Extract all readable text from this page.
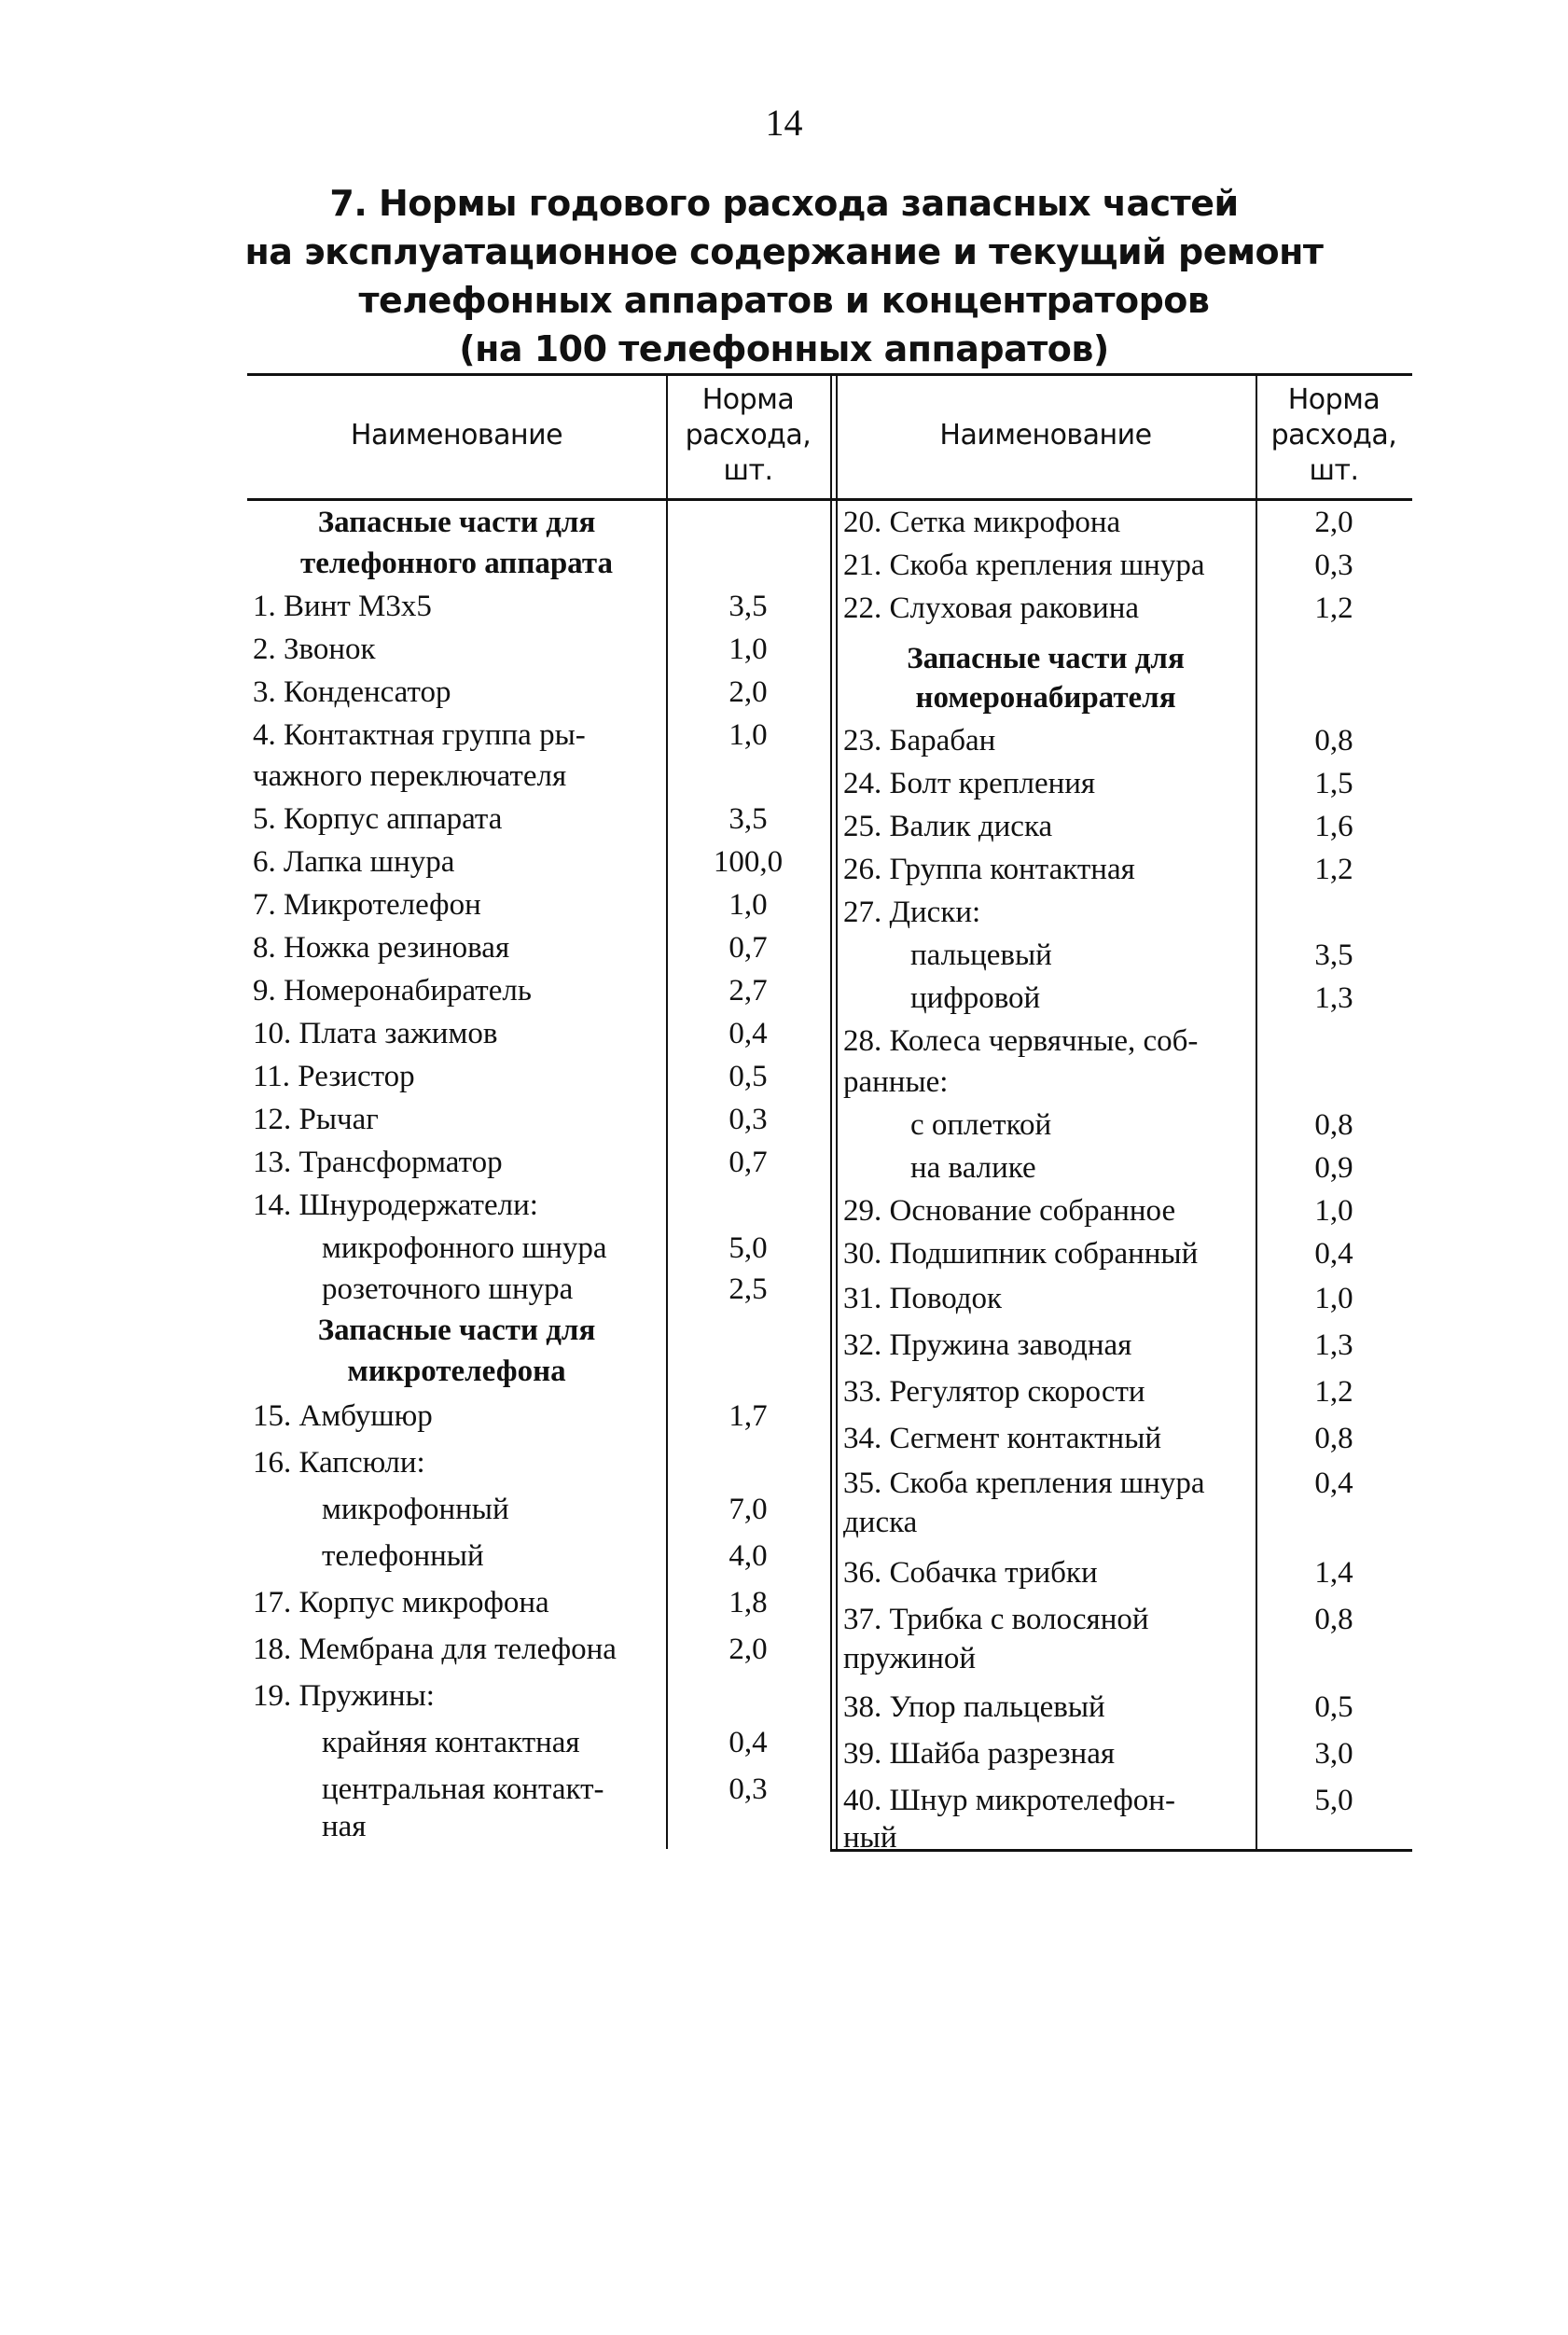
14
7. Нормы годового расхода запасных частей
на эксплуатационное содержание и текущий ремонт
телефонных аппаратов и концентраторов
(на 100 телефонных аппаратов)
Наименование
Норма
расхода,
шт.
Запасные части для
телефонного аппарата
1. Винт М3х5	3,5
2. Звонок	1,0
3. Конденсатор	2,0
4. Контактная группа ры-	1,0
чажного переключателя
5. Корпус аппарата	3,5
6. Лапка шнура	100,0
7. Микротелефон	1,0
8. Ножка резиновая	0,7
9. Номеронабиратель	2,7
10. Плата зажимов	0,4
11. Резистор	0,5
12. Рычаг	0,3
13. Трансформатор	0,7
14. Шнуродержатели:
микрофонного шнура	5,0
розеточного шнура	2,5
Запасные части для
микротелефона
15. Амбушюр	1,7
16. Капсюли:
микрофонный	7,0
телефонный	4,0
17. Корпус микрофона	1,8
18. Мембрана для телефона	2,0
19. Пружины:
крайняя контактная	0,4
центральная контакт-	0,3
ная
Наименование
Норма
расхода,
шт.
20. Сетка микрофона	2,0
21. Скоба крепления шнура	0,3
22. Слуховая раковина	1,2
Запасные части для
номеронабирателя
23. Барабан	0,8
24. Болт крепления	1,5
25. Валик диска	1,6
26. Группа контактная	1,2
27. Диски:
пальцевый	3,5
цифровой	1,3
28. Колеса червячные, соб-
ранные:
с оплеткой	0,8
на валике	0,9
29. Основание собранное	1,0
30. Подшипник собранный	0,4
31. Поводок	1,0
32. Пружина заводная	1,3
33. Регулятор скорости	1,2
34. Сегмент контактный	0,8
35. Скоба крепления шнура	0,4
диска
36. Собачка трибки	1,4
37. Трибка с волосяной	0,8
пружиной
38. Упор пальцевый	0,5
39. Шайба разрезная	3,0
40. Шнур микротелефон-	5,0
ный
